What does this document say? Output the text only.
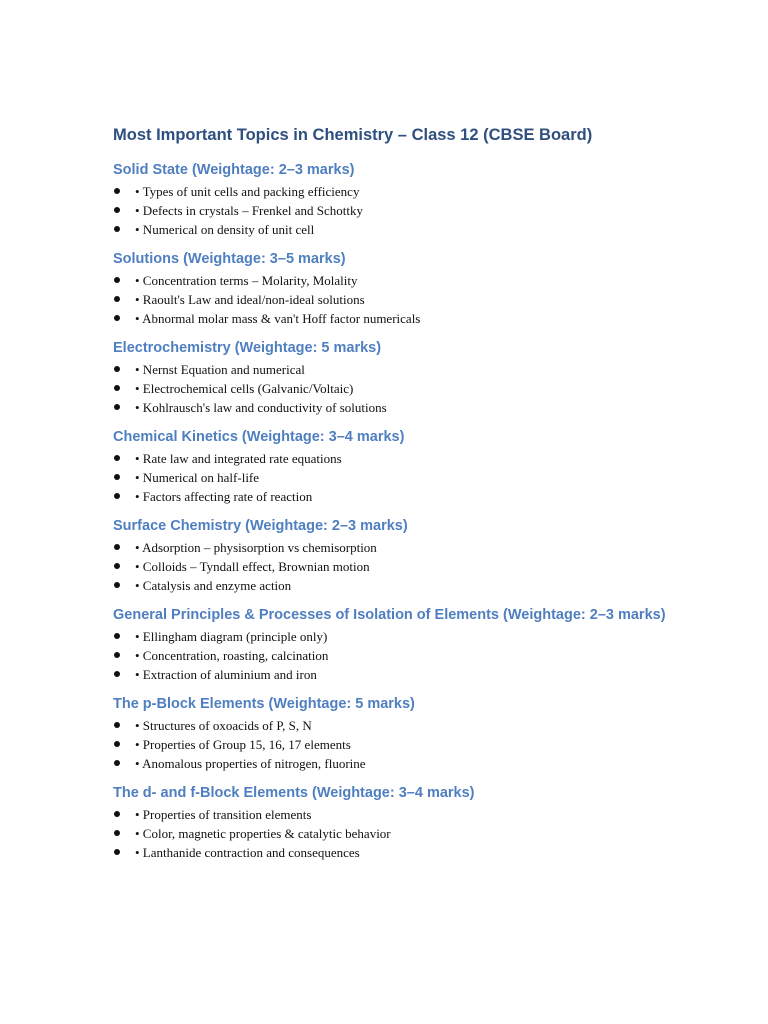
Most Important Topics in Chemistry – Class 12 (CBSE Board)
Solid State (Weightage: 2–3 marks)
• Types of unit cells and packing efficiency
• Defects in crystals – Frenkel and Schottky
• Numerical on density of unit cell
Solutions (Weightage: 3–5 marks)
• Concentration terms – Molarity, Molality
• Raoult's Law and ideal/non-ideal solutions
• Abnormal molar mass & van't Hoff factor numericals
Electrochemistry (Weightage: 5 marks)
• Nernst Equation and numerical
• Electrochemical cells (Galvanic/Voltaic)
• Kohlrausch's law and conductivity of solutions
Chemical Kinetics (Weightage: 3–4 marks)
• Rate law and integrated rate equations
• Numerical on half-life
• Factors affecting rate of reaction
Surface Chemistry (Weightage: 2–3 marks)
• Adsorption – physisorption vs chemisorption
• Colloids – Tyndall effect, Brownian motion
• Catalysis and enzyme action
General Principles & Processes of Isolation of Elements (Weightage: 2–3 marks)
• Ellingham diagram (principle only)
• Concentration, roasting, calcination
• Extraction of aluminium and iron
The p-Block Elements (Weightage: 5 marks)
• Structures of oxoacids of P, S, N
• Properties of Group 15, 16, 17 elements
• Anomalous properties of nitrogen, fluorine
The d- and f-Block Elements (Weightage: 3–4 marks)
• Properties of transition elements
• Color, magnetic properties & catalytic behavior
• Lanthanide contraction and consequences
